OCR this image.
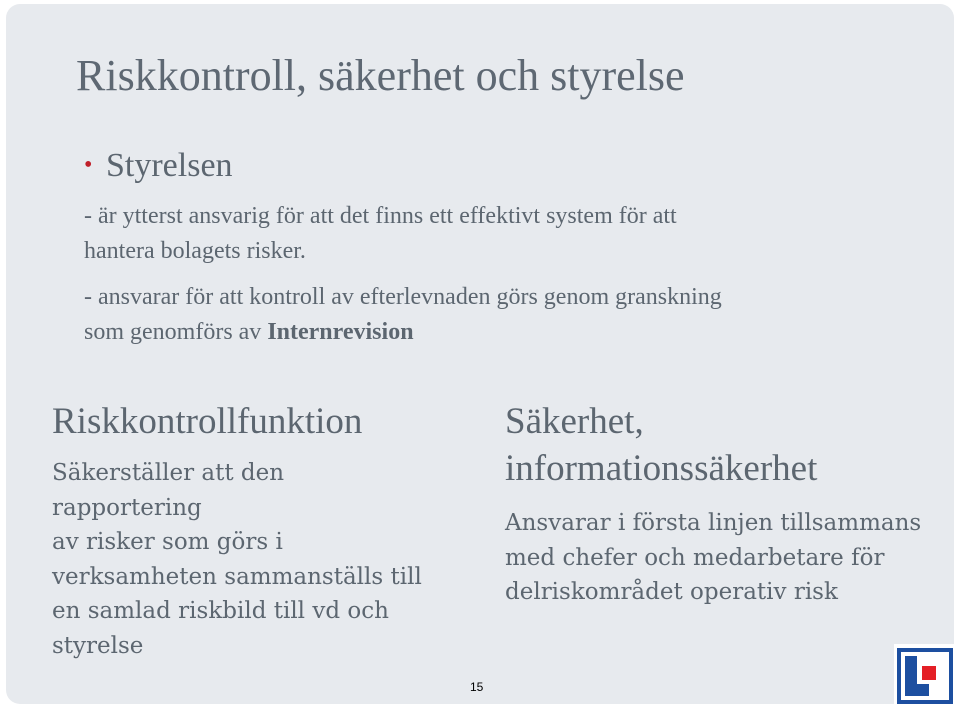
Riskkontroll, säkerhet och styrelse
• Styrelsen
- är ytterst ansvarig för att det finns ett effektivt system för att
hantera bolagets risker.
- ansvarar för att kontroll av efterlevnaden görs genom granskning
som genomförs av Internrevision
Riskkontrollfunktion
Säkerställer att den rapportering
av risker som görs i
verksamheten sammanställs till
en samlad riskbild till vd och
styrelse
Säkerhet,
informationssäkerhet
Ansvarar i första linjen tillsammans
med chefer och medarbetare för
delriskområdet operativ risk
15
